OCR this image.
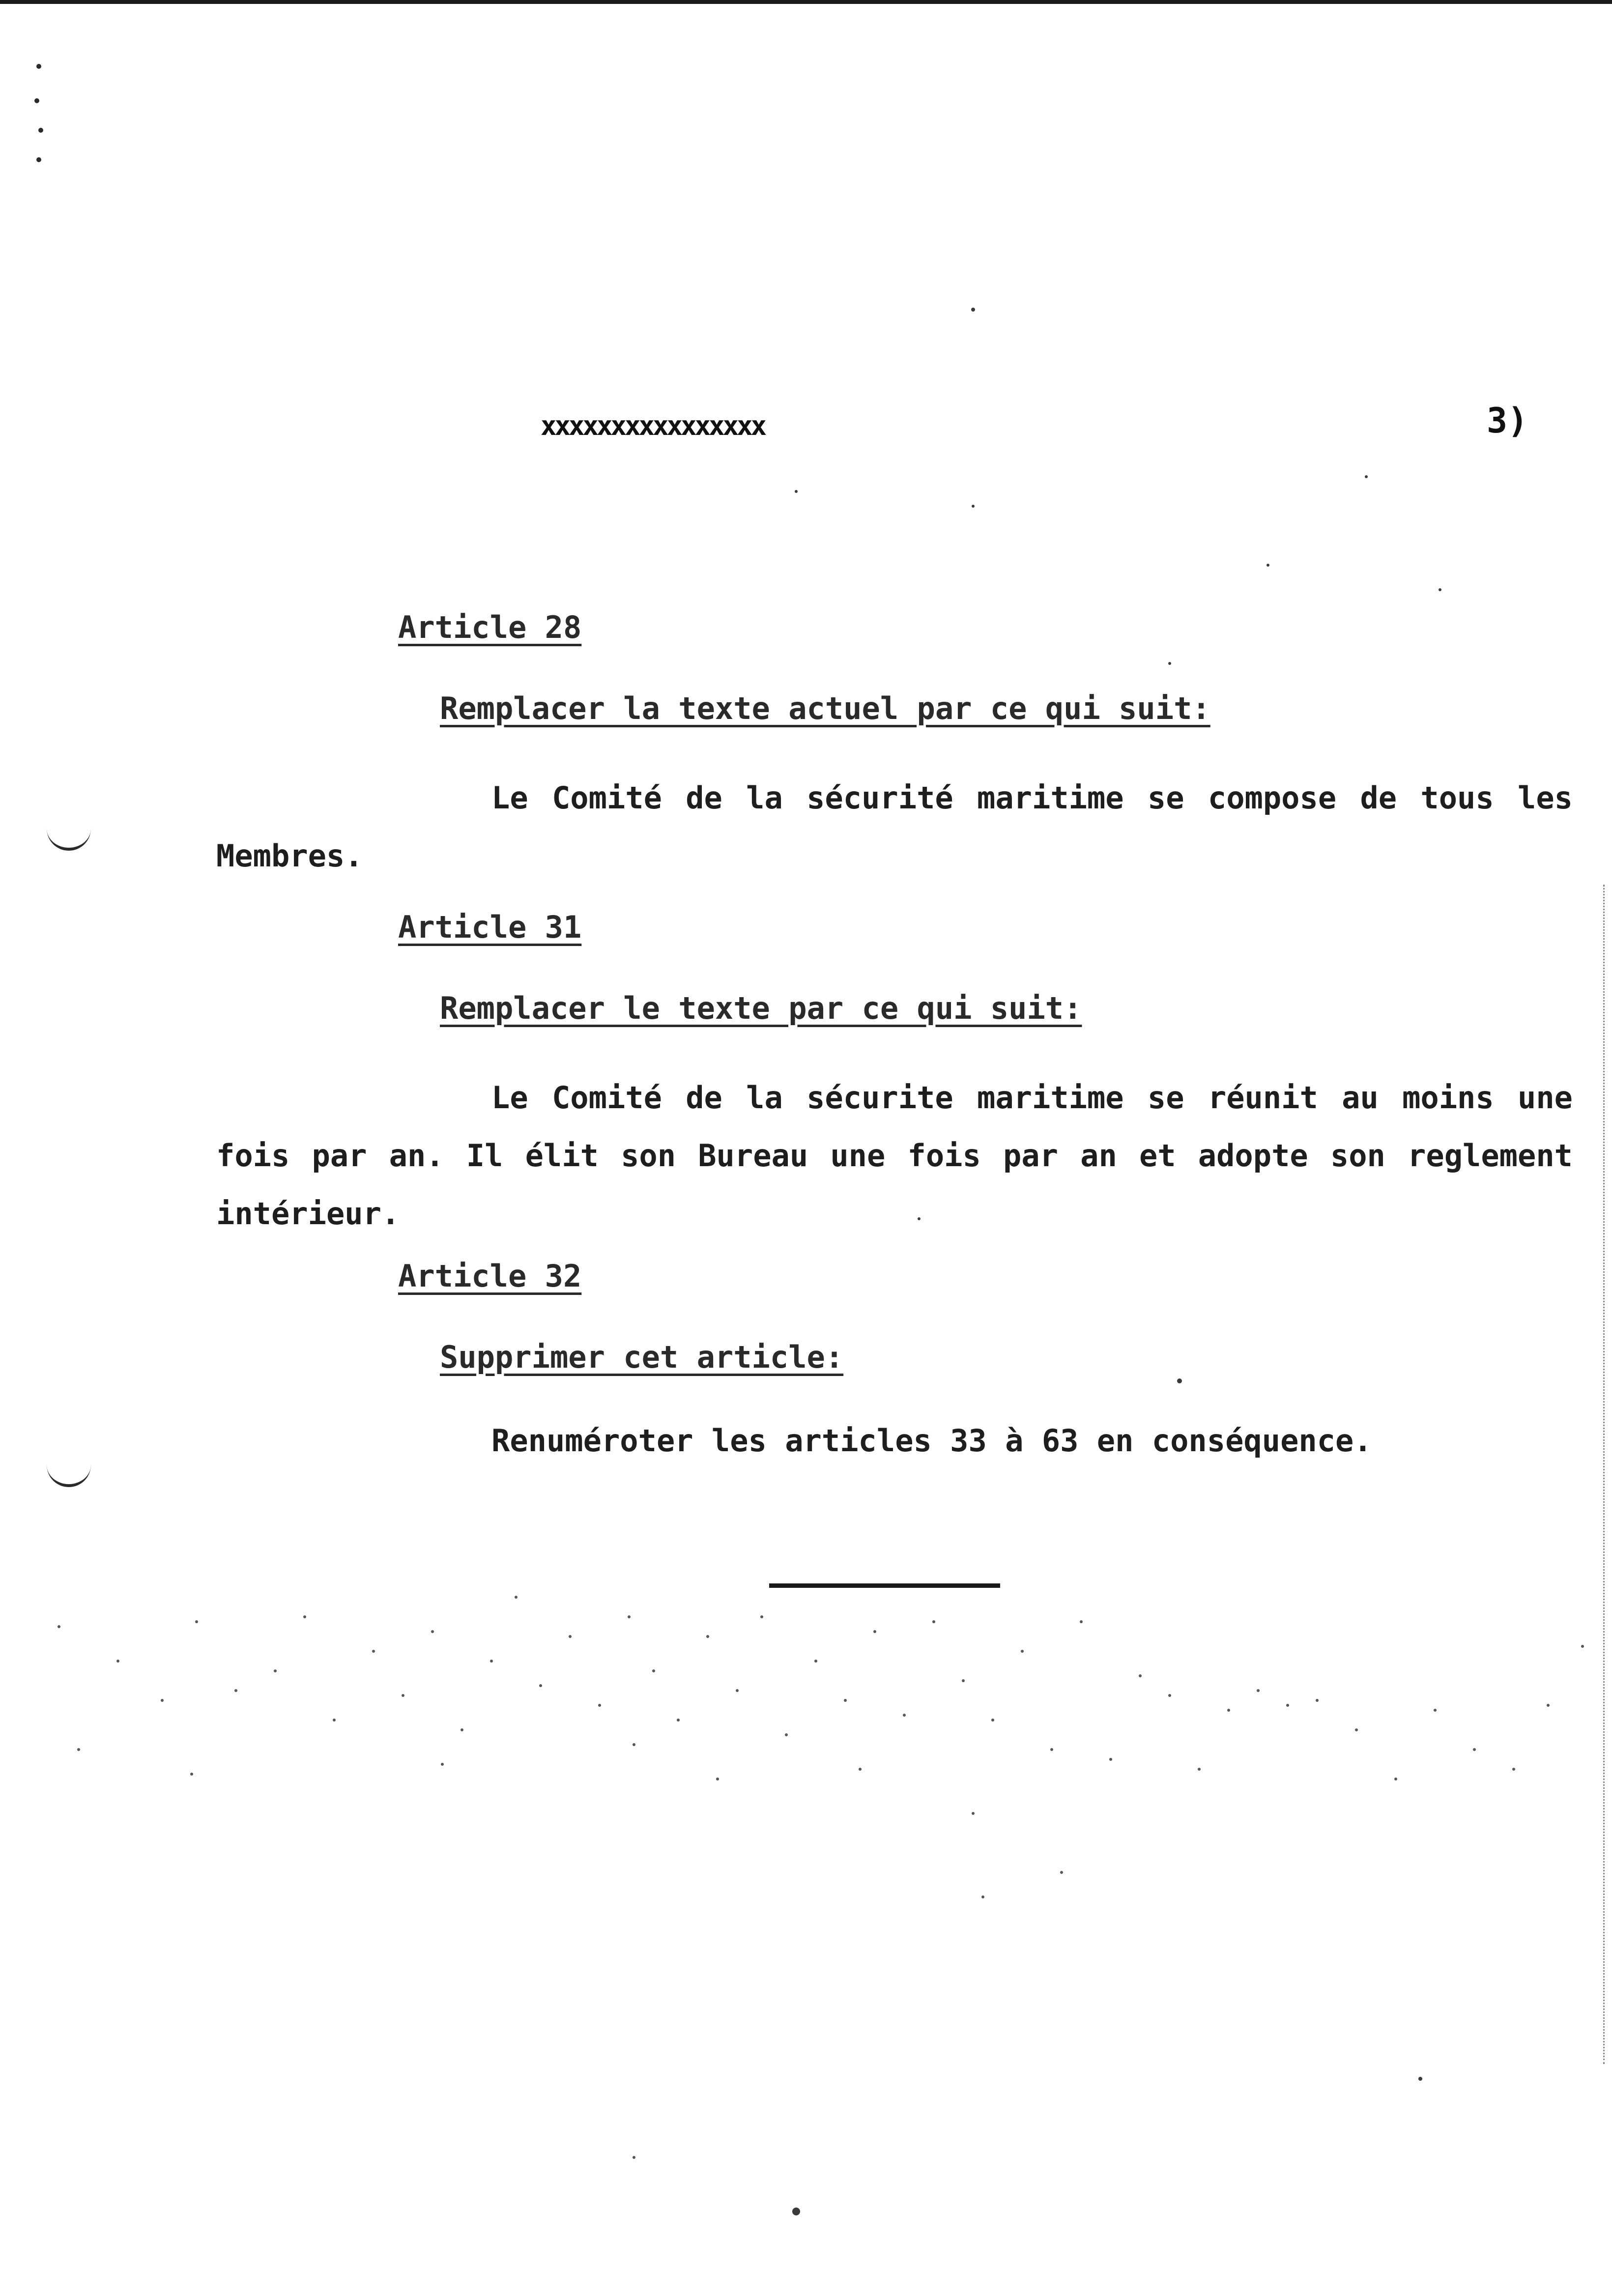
xxxxxxxxxxxxxxxx	3)
Article 28
Remplacer la texte actuel par ce qui suit:
Le Comité de la sécurité maritime se compose de tous les Membres.
Article 31
Remplacer le texte par ce qui suit:
Le Comité de la sécurite maritime se réunit au moins une fois par an. Il élit son Bureau une fois par an et adopte son reglement intérieur.
Article 32
Supprimer cet article:
Renuméroter les articles 33 à 63 en conséquence.
